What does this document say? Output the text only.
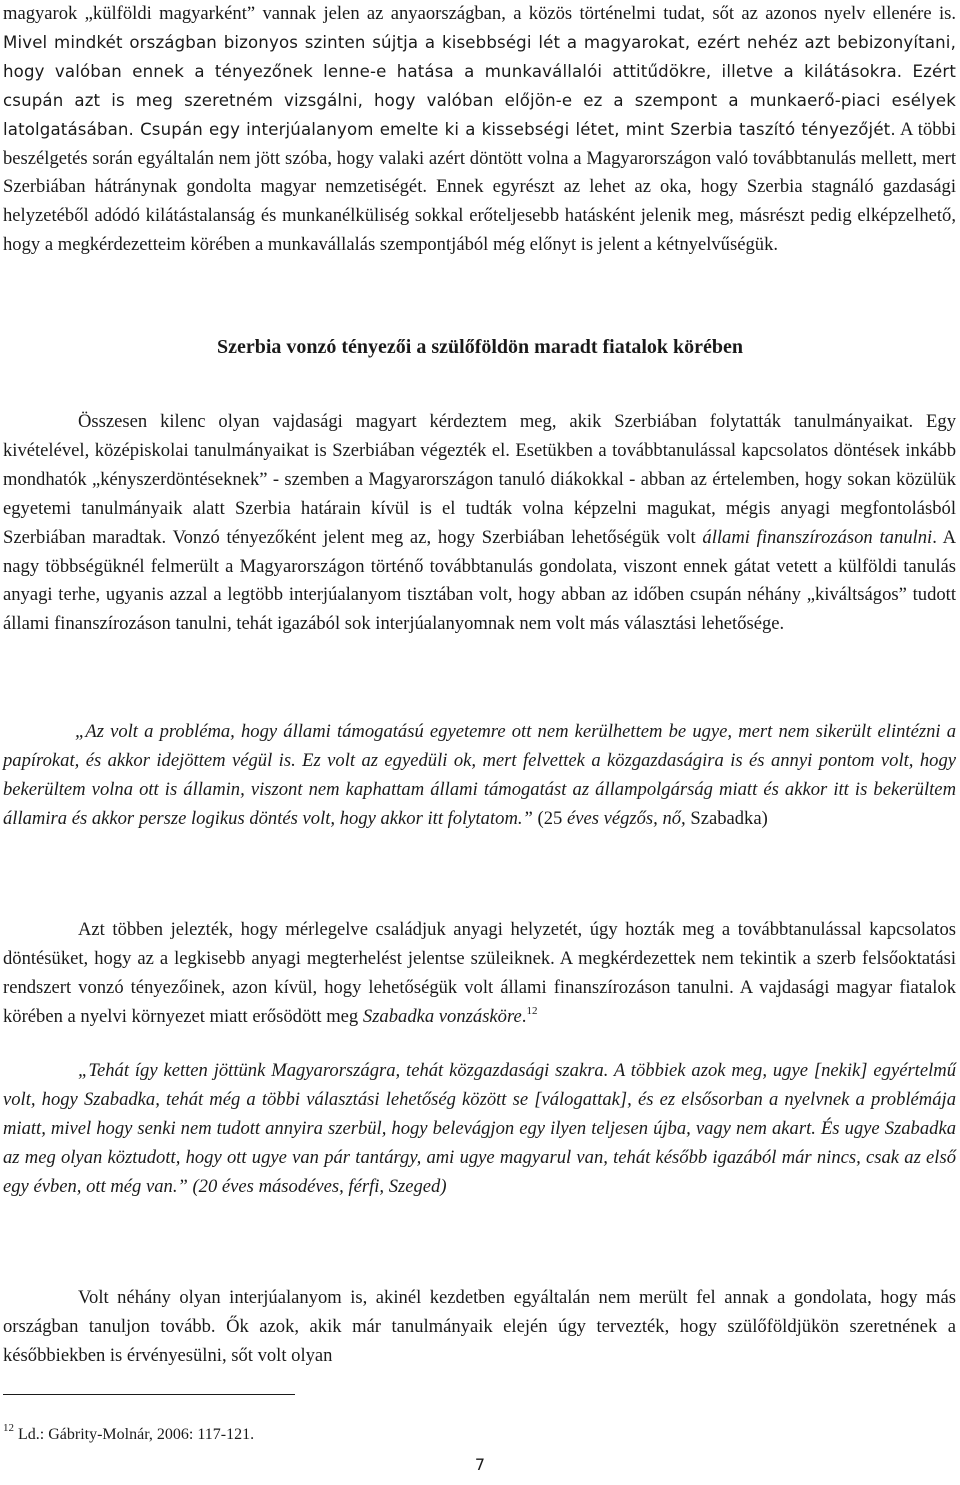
magyarok „külföldi magyarként” vannak jelen az anyaországban, a közös történelmi tudat, sőt az azonos nyelv ellenére is. Mivel mindkét országban bizonyos szinten sújtja a kisebbségi lét a magyarokat, ezért nehéz azt bebizonyítani, hogy valóban ennek a tényezőnek lenne-e hatása a munkavállalói attitűdökre, illetve a kilátásokra. Ezért csupán azt is meg szeretném vizsgálni, hogy valóban előjön-e ez a szempont a munkaerő-piaci esélyek latolgatásában. Csupán egy interjúalanyom emelte ki a kissebségi létet, mint Szerbia taszító tényezőjét. A többi beszélgetés során egyáltalán nem jött szóba, hogy valaki azért döntött volna a Magyarországon való továbbtanulás mellett, mert Szerbiában hátránynak gondolta magyar nemzetiségét. Ennek egyrészt az lehet az oka, hogy Szerbia stagnáló gazdasági helyzetéből adódó kilátástalanság és munkanélküliség sokkal erőteljesebb hatásként jelenik meg, másrészt pedig elképzelhető, hogy a megkérdezetteim körében a munkavállalás szempontjából még előnyt is jelent a kétnyelvűségük.

Szerbia vonzó tényezői a szülőföldön maradt fiatalok körében

Összesen kilenc olyan vajdasági magyart kérdeztem meg, akik Szerbiában folytatták tanulmányaikat. Egy kivételével, középiskolai tanulmányaikat is Szerbiában végezték el. Esetükben a továbbtanulással kapcsolatos döntések inkább mondhatók „kényszerdöntéseknek” - szemben a Magyarországon tanuló diákokkal - abban az értelemben, hogy sokan közülük egyetemi tanulmányaik alatt Szerbia határain kívül is el tudták volna képzelni magukat, mégis anyagi megfontolásból Szerbiában maradtak. Vonzó tényezőként jelent meg az, hogy Szerbiában lehetőségük volt állami finanszírozáson tanulni. A nagy többségüknél felmerült a Magyarországon történő továbbtanulás gondolata, viszont ennek gátat vetett a külföldi tanulás anyagi terhe, ugyanis azzal a legtöbb interjúalanyom tisztában volt, hogy abban az időben csupán néhány „kiváltságos” tudott állami finanszírozáson tanulni, tehát igazából sok interjúalanyomnak nem volt más választási lehetősége.

„Az volt a probléma, hogy állami támogatású egyetemre ott nem kerülhettem be ugye, mert nem sikerült elintézni a papírokat, és akkor idejöttem végül is. Ez volt az egyedüli ok, mert felvettek a közgazdaságira is és annyi pontom volt, hogy bekerültem volna ott is államin, viszont nem kaphattam állami támogatást az állampolgárság miatt és akkor itt is bekerültem államira és akkor persze logikus döntés volt, hogy akkor itt folytatom.” (25 éves végzős, nő, Szabadka)

Azt többen jelezték, hogy mérlegelve családjuk anyagi helyzetét, úgy hozták meg a továbbtanulással kapcsolatos döntésüket, hogy az a legkisebb anyagi megterhelést jelentse szüleiknek. A megkérdezettek nem tekintik a szerb felsőoktatási rendszert vonzó tényezőinek, azon kívül, hogy lehetőségük volt állami finanszírozáson tanulni. A vajdasági magyar fiatalok körében a nyelvi környezet miatt erősödött meg Szabadka vonzásköre.$^{12}$

„Tehát így ketten jöttünk Magyarországra, tehát közgazdasági szakra. A többiek azok meg, ugye [nekik] egyértelmű volt, hogy Szabadka, tehát még a többi választási lehetőség között se [válogattak], és ez elsősorban a nyelvnek a problémája miatt, mivel hogy senki nem tudott annyira szerbül, hogy belevágjon egy ilyen teljesen újba, vagy nem akart. És ugye Szabadka az meg olyan köztudott, hogy ott ugye van pár tantárgy, ami ugye magyarul van, tehát később igazából már nincs, csak az első egy évben, ott még van.” (20 éves másodéves, férfi, Szeged)

Volt néhány olyan interjúalanyom is, akinél kezdetben egyáltalán nem merült fel annak a gondolata, hogy más országban tanuljon tovább. Ők azok, akik már tanulmányaik elején úgy tervezték, hogy szülőföldjükön szeretnének a későbbiekben is érvényesülni, sőt volt olyan

$^{12}$ Ld.: Gábrity-Molnár, 2006: 117-121.
7
